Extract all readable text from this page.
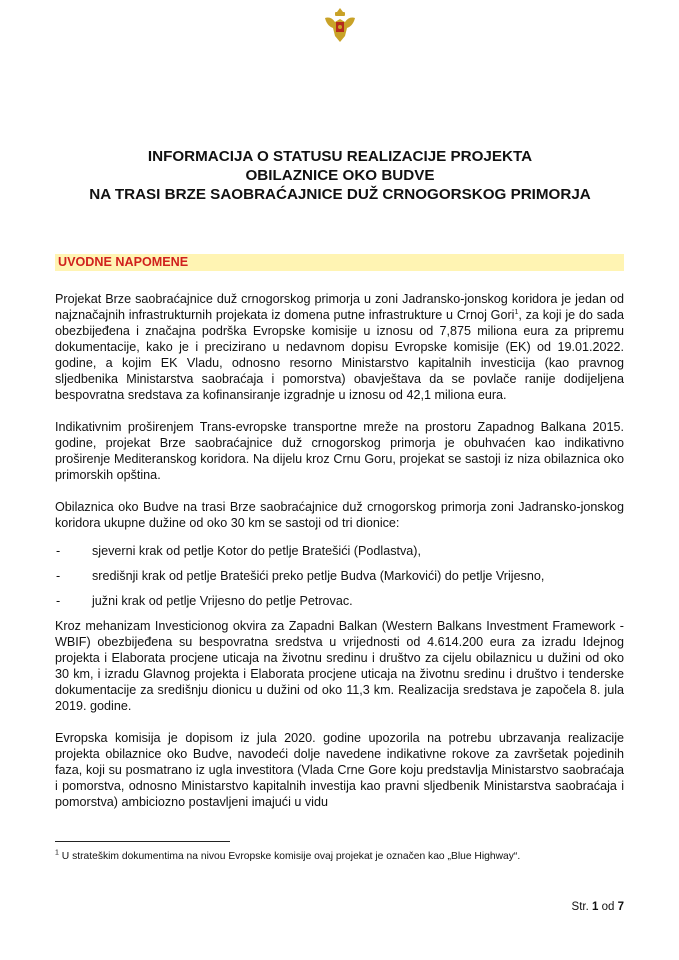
INFORMACIJA O STATUSU REALIZACIJE PROJEKTA
OBILAZNICE OKO BUDVE
NA TRASI BRZE SAOBRAĆAJNICE DUŽ CRNOGORSKOG PRIMORJA
UVODNE NAPOMENE

Projekat Brze saobraćajnice duž crnogorskog primorja u zoni Jadransko-jonskog koridora je jedan od najznačajnih infrastrukturnih projekata iz domena putne infrastrukture u Crnoj Gori$^1$, za koji je do sada obezbijeđena i značajna podrška Evropske komisije u iznosu od 7,875 miliona eura za pripremu dokumentacije, kako je i precizirano u nedavnom dopisu Evropske komisije (EK) od 19.01.2022. godine, a kojim EK Vladu, odnosno resorno Ministarstvo kapitalnih investicija (kao pravnog sljedbenika Ministarstva saobraćaja i pomorstva) obavještava da se povlače ranije dodijeljena bespovratna sredstava za kofinansiranje izgradnje u iznosu od 42,1 miliona eura.

Indikativnim proširenjem Trans-evropske transportne mreže na prostoru Zapadnog Balkana 2015. godine, projekat Brze saobraćajnice duž crnogorskog primorja je obuhvaćen kao indikativno proširenje Mediteranskog koridora. Na dijelu kroz Crnu Goru, projekat se sastoji iz niza obilaznica oko primorskih opština.

Obilaznica oko Budve na trasi Brze saobraćajnice duž crnogorskog primorja zoni Jadransko-jonskog koridora ukupne dužine od oko 30 km se sastoji od tri dionice:

- sjeverni krak od petlje Kotor do petlje Bratešići (Podlastva),
- središnji krak od petlje Bratešići preko petlje Budva (Markovići) do petlje Vrijesno,
- južni krak od petlje Vrijesno do petlje Petrovac.

Kroz mehanizam Investicionog okvira za Zapadni Balkan (Western Balkans Investment Framework - WBIF) obezbijeđena su bespovratna sredstva u vrijednosti od 4.614.200 eura za izradu Idejnog projekta i Elaborata procjene uticaja na životnu sredinu i društvo za cijelu obilaznicu u dužini od oko 30 km, i izradu Glavnog projekta i Elaborata procjene uticaja na životnu sredinu i društvo i tenderske dokumentacije za središnju dionicu u dužini od oko 11,3 km. Realizacija sredstava je započela 8. jula 2019. godine.

Evropska komisija je dopisom iz jula 2020. godine upozorila na potrebu ubrzavanja realizacije projekta obilaznice oko Budve, navodeći dolje navedene indikativne rokove za završetak pojedinih faza, koji su posmatrano iz ugla investitora (Vlada Crne Gore koju predstavlja Ministarstvo saobraćaja i pomorstva, odnosno Ministarstvo kapitalnih investija kao pravni sljedbenik Ministarstva saobraćaja i pomorstva) ambiciozno postavljeni imajući u vidu

$^1$ U strateškim dokumentima na nivou Evropske komisije ovaj projekat je označen kao „Blue Highway“.
Str. 1 od 7
